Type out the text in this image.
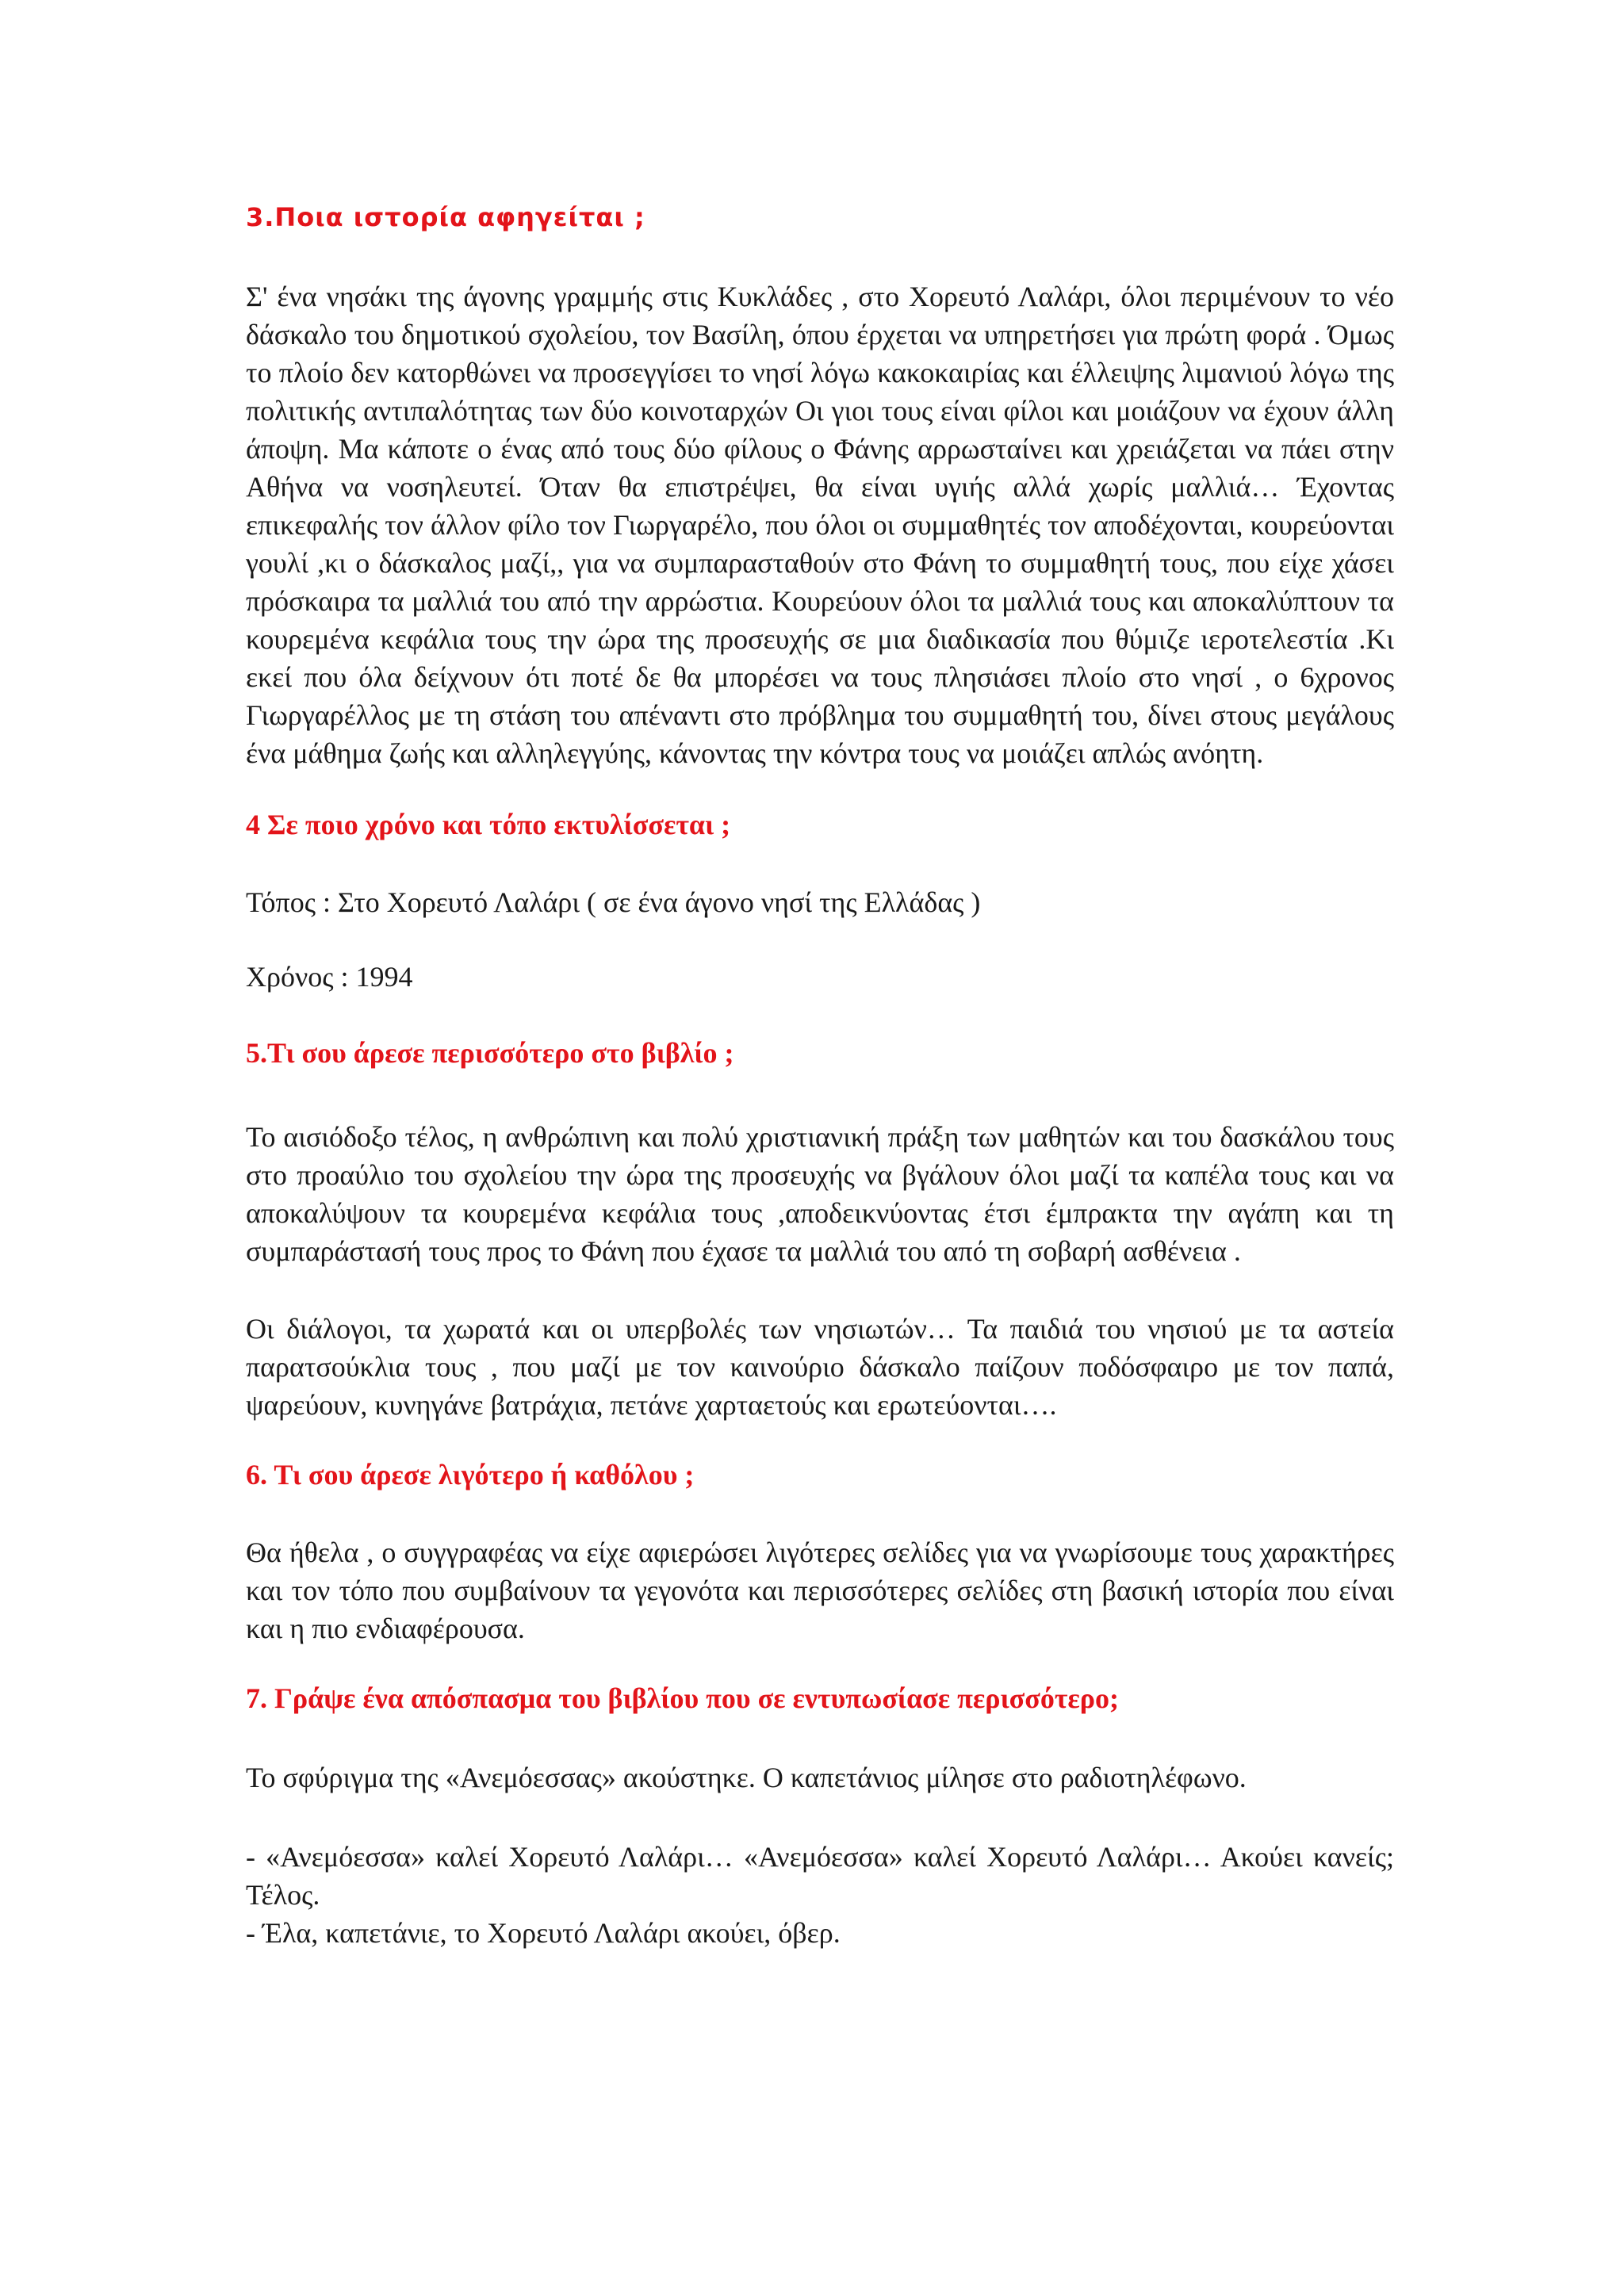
3.Ποια ιστορία αφηγείται ;

Σ' ένα νησάκι της άγονης γραμμής στις Κυκλάδες , στο Χορευτό Λαλάρι, όλοι περιμένουν το νέο δάσκαλο του δημοτικού σχολείου, τον Βασίλη, όπου έρχεται να υπηρετήσει για πρώτη φορά . Όμως το πλοίο δεν κατορθώνει να προσεγγίσει το νησί λόγω κακοκαιρίας και έλλειψης λιμανιού λόγω της πολιτικής αντιπαλότητας των δύο κοινοταρχών Οι γιοι τους είναι φίλοι και μοιάζουν να έχουν άλλη άποψη. Μα κάποτε ο ένας από τους δύο φίλους ο Φάνης αρρωσταίνει και χρειάζεται να πάει στην Αθήνα να νοσηλευτεί. Όταν θα επιστρέψει, θα είναι υγιής αλλά χωρίς μαλλιά… Έχοντας επικεφαλής τον άλλον φίλο τον Γιωργαρέλο, που όλοι οι συμμαθητές τον αποδέχονται, κουρεύονται γουλί ,κι ο δάσκαλος μαζί,, για να συμπαρασταθούν στο Φάνη το συμμαθητή τους, που είχε χάσει πρόσκαιρα τα μαλλιά του από την αρρώστια. Κουρεύουν όλοι τα μαλλιά τους και αποκαλύπτουν τα κουρεμένα κεφάλια τους την ώρα της προσευχής σε μια διαδικασία που θύμιζε ιεροτελεστία .Κι εκεί που όλα δείχνουν ότι ποτέ δε θα μπορέσει να τους πλησιάσει πλοίο στο νησί , ο 6χρονος Γιωργαρέλλος με τη στάση του απέναντι στο πρόβλημα του συμμαθητή του, δίνει στους μεγάλους ένα μάθημα ζωής και αλληλεγγύης, κάνοντας την κόντρα τους να μοιάζει απλώς ανόητη.

4 Σε ποιο χρόνο και τόπο εκτυλίσσεται ;

Τόπος : Στο Χορευτό Λαλάρι ( σε ένα άγονο νησί της Ελλάδας )

Χρόνος : 1994

5.Τι σου άρεσε περισσότερο στο βιβλίο ;

Το αισιόδοξο τέλος, η ανθρώπινη και πολύ χριστιανική πράξη των μαθητών και του δασκάλου τους στο προαύλιο του σχολείου την ώρα της προσευχής να βγάλουν όλοι μαζί τα καπέλα τους και να αποκαλύψουν τα κουρεμένα κεφάλια τους ,αποδεικνύοντας έτσι έμπρακτα την αγάπη και τη συμπαράστασή τους προς το Φάνη που έχασε τα μαλλιά του από τη σοβαρή ασθένεια .

Οι διάλογοι, τα χωρατά και οι υπερβολές των νησιωτών… Τα παιδιά του νησιού με τα αστεία παρατσούκλια τους , που μαζί με τον καινούριο δάσκαλο παίζουν ποδόσφαιρο με τον παπά, ψαρεύουν, κυνηγάνε βατράχια, πετάνε χαρταετούς και ερωτεύονται….

6. Τι σου άρεσε λιγότερο ή καθόλου ;

Θα ήθελα , ο συγγραφέας να είχε αφιερώσει λιγότερες σελίδες για να γνωρίσουμε τους χαρακτήρες και τον τόπο που συμβαίνουν τα γεγονότα και περισσότερες σελίδες στη βασική ιστορία που είναι και η πιο ενδιαφέρουσα.

7. Γράψε ένα απόσπασμα του βιβλίου που σε εντυπωσίασε περισσότερο;

Το σφύριγμα της «Ανεμόεσσας» ακούστηκε. Ο καπετάνιος μίλησε στο ραδιοτηλέφωνο.

- «Ανεμόεσσα» καλεί Χορευτό Λαλάρι… «Ανεμόεσσα» καλεί Χορευτό Λαλάρι… Ακούει κανείς; Τέλος.

- Έλα, καπετάνιε, το Χορευτό Λαλάρι ακούει, όβερ.
